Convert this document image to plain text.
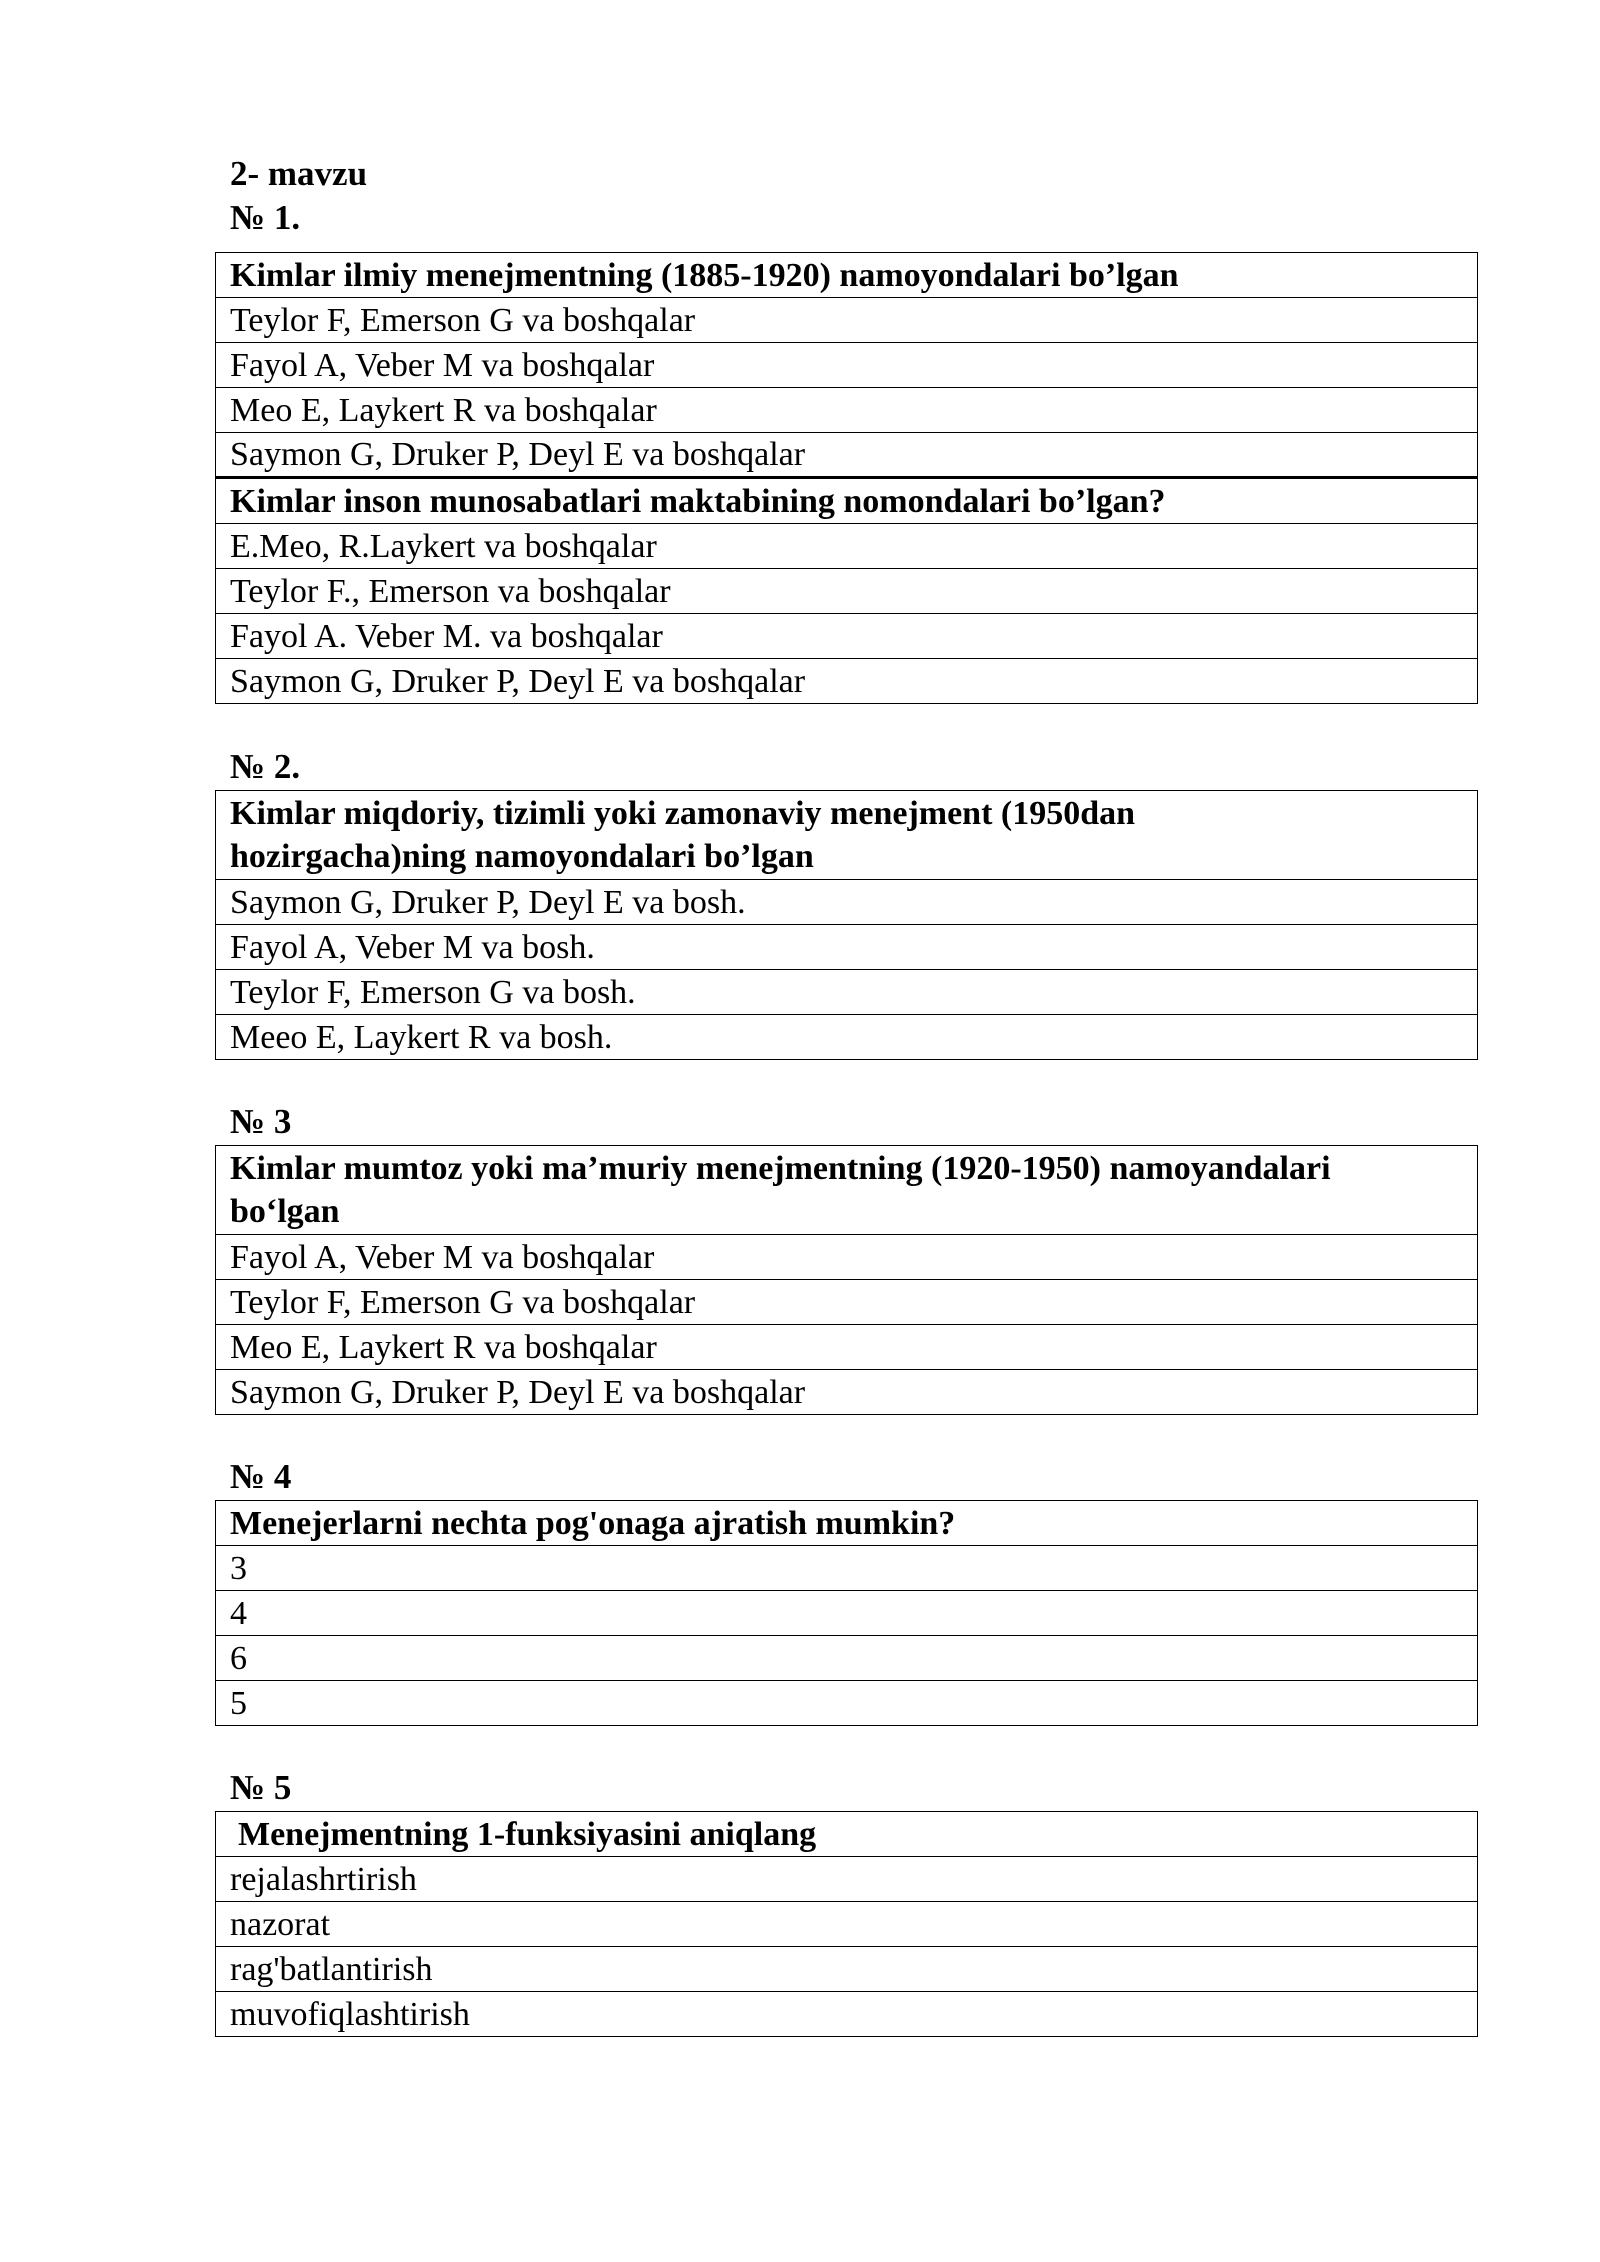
2- mavzu
№ 1.
Kimlar ilmiy menejmentning (1885-1920) namoyondalari bo’lgan
Teylor F, Emerson G va boshqalar
Fayol A, Veber M va boshqalar
Meo E, Laykert R va boshqalar
Saymon G, Druker P, Deyl E va boshqalar
Kimlar inson munosabatlari maktabining nomondalari bo’lgan?
E.Meo, R.Laykert va boshqalar
Teylor F., Emerson va boshqalar
Fayol A. Veber M. va boshqalar
Saymon G, Druker P, Deyl E va boshqalar
№ 2.
Kimlar miqdoriy, tizimli yoki zamonaviy menejment (1950dan
hozirgacha)ning namoyondalari bo’lgan
Saymon G, Druker P, Deyl E va bosh.
Fayol A, Veber M va bosh.
Teylor F, Emerson G va bosh.
Meeo E, Laykert R va bosh.
№ 3
Kimlar mumtoz yoki ma’muriy menejmentning (1920-1950) namoyandalari
bo‘lgan
Fayol A, Veber M va boshqalar
Teylor F, Emerson G va boshqalar
Meo E, Laykert R va boshqalar
Saymon G, Druker P, Deyl E va boshqalar
№ 4
Menejerlarni nechta pog'onaga ajratish mumkin?
3
4
6
5
№ 5
Menejmentning 1-funksiyasini aniqlang
rejalashrtirish
nazorat
rag'batlantirish
muvofiqlashtirish
